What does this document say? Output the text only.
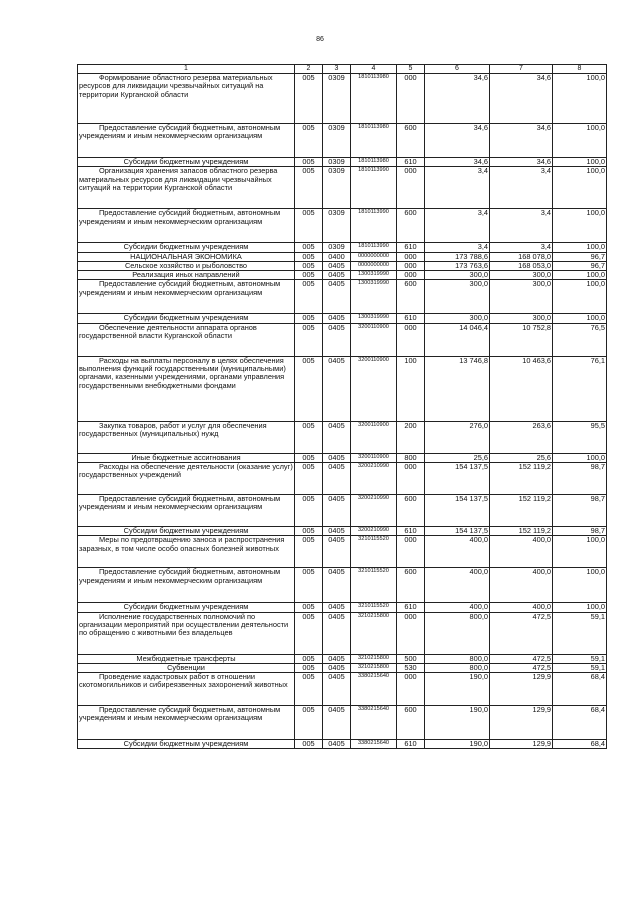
86
1	2	3	4	5	6	7	8
Формирование областного резерва материальных ресурсов для ликвидации чрезвычайных ситуаций на территории Курганской области	005	0309	1810113980	000	34,6	34,6	100,0
Предоставление субсидий бюджетным, автономным учреждениям и иным некоммерческим организациям	005	0309	1810113980	600	34,6	34,6	100,0
Субсидии бюджетным учреждениям	005	0309	1810113980	610	34,6	34,6	100,0
Организация хранения запасов областного резерва материальных ресурсов для ликвидации чрезвычайных ситуаций на территории Курганской области	005	0309	1810113990	000	3,4	3,4	100,0
Предоставление субсидий бюджетным, автономным учреждениям и иным некоммерческим организациям	005	0309	1810113990	600	3,4	3,4	100,0
Субсидии бюджетным учреждениям	005	0309	1810113990	610	3,4	3,4	100,0
НАЦИОНАЛЬНАЯ ЭКОНОМИКА	005	0400	0000000000	000	173 788,6	168 078,0	96,7
Сельское хозяйство и рыболовство	005	0405	0000000000	000	173 763,6	168 053,0	96,7
Реализация иных направлений	005	0405	1300319990	000	300,0	300,0	100,0
Предоставление субсидий бюджетным, автономным учреждениям и иным некоммерческим организациям	005	0405	1300319990	600	300,0	300,0	100,0
Субсидии бюджетным учреждениям	005	0405	1300319990	610	300,0	300,0	100,0
Обеспечение деятельности аппарата органов государственной власти Курганской области	005	0405	3200110900	000	14 046,4	10 752,8	76,5
Расходы на выплаты персоналу в целях обеспечения выполнения функций государственными (муниципальными) органами, казенными учреждениями, органами управления государственными внебюджетными фондами	005	0405	3200110900	100	13 746,8	10 463,6	76,1
Закупка товаров, работ и услуг для обеспечения государственных (муниципальных) нужд	005	0405	3200110900	200	276,0	263,6	95,5
Иные бюджетные ассигнования	005	0405	3200110900	800	25,6	25,6	100,0
Расходы на обеспечение деятельности (оказание услуг) государственных учреждений	005	0405	3200210990	000	154 137,5	152 119,2	98,7
Предоставление субсидий бюджетным, автономным учреждениям и иным некоммерческим организациям	005	0405	3200210990	600	154 137,5	152 119,2	98,7
Субсидии бюджетным учреждениям	005	0405	3200210990	610	154 137,5	152 119,2	98,7
Меры по предотвращению заноса и распространения заразных, в том числе особо опасных болезней животных	005	0405	3210115520	000	400,0	400,0	100,0
Предоставление субсидий бюджетным, автономным учреждениям и иным некоммерческим организациям	005	0405	3210115520	600	400,0	400,0	100,0
Субсидии бюджетным учреждениям	005	0405	3210115520	610	400,0	400,0	100,0
Исполнение государственных полномочий по организации мероприятий при осуществлении деятельности по обращению с животными без владельцев	005	0405	3210215800	000	800,0	472,5	59,1
Межбюджетные трансферты	005	0405	3210215800	500	800,0	472,5	59,1
Субвенции	005	0405	3210215800	530	800,0	472,5	59,1
Проведение кадастровых работ в отношении скотомогильников и сибиреязвенных захоронений животных	005	0405	3380215640	000	190,0	129,9	68,4
Предоставление субсидий бюджетным, автономным учреждениям и иным некоммерческим организациям	005	0405	3380215640	600	190,0	129,9	68,4
Субсидии бюджетным учреждениям	005	0405	3380215640	610	190,0	129,9	68,4
